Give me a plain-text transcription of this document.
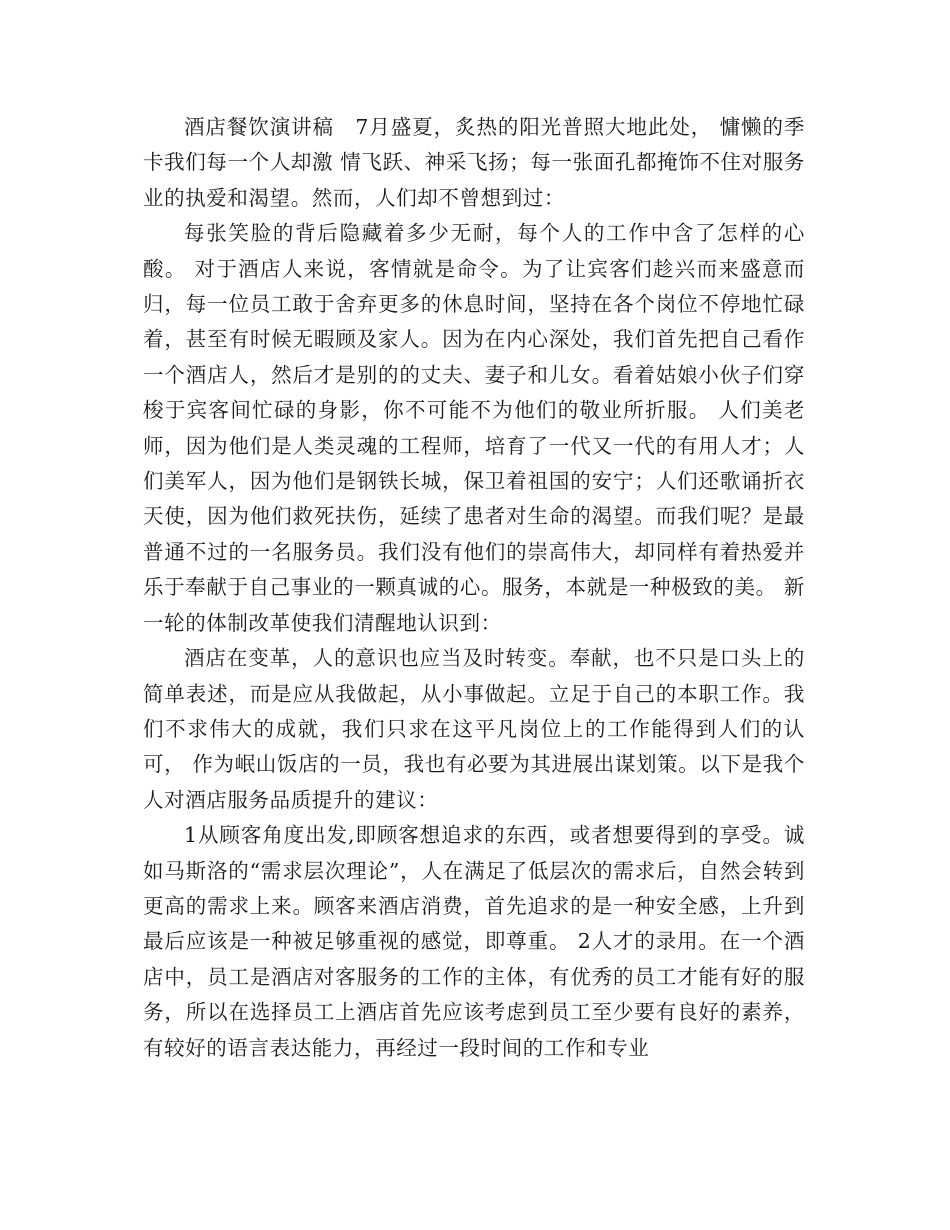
酒店餐饮演讲稿　7月盛夏，炙热的阳光普照大地此处， 慵懒的季卡我们每一个人却激 情飞跃、神采飞扬；每一张面孔都掩饰不住对服务业的执爱和渴望。然而，人们却不曾想到过：

每张笑脸的背后隐藏着多少无耐，每个人的工作中含了怎样的心酸。 对于酒店人来说，客情就是命令。为了让宾客们趁兴而来盛意而归，每一位员工敢于舍弃更多的休息时间，坚持在各个岗位不停地忙碌着，甚至有时候无暇顾及家人。因为在内心深处，我们首先把自己看作一个酒店人，然后才是别的的丈夫、妻子和儿女。看着姑娘小伙子们穿梭于宾客间忙碌的身影，你不可能不为他们的敬业所折服。 人们美老师，因为他们是人类灵魂的工程师，培育了一代又一代的有用人才；人们美军人，因为他们是钢铁长城，保卫着祖国的安宁；人们还歌诵折衣天使，因为他们救死扶伤，延续了患者对生命的渴望。而我们呢？是最普通不过的一名服务员。我们没有他们的崇高伟大，却同样有着热爱并乐于奉献于自己事业的一颗真诚的心。服务，本就是一种极致的美。 新一轮的体制改革使我们清醒地认识到：

酒店在变革，人的意识也应当及时转变。奉献，也不只是口头上的简单表述，而是应从我做起，从小事做起。立足于自己的本职工作。我们不求伟大的成就，我们只求在这平凡岗位上的工作能得到人们的认可， 作为岷山饭店的一员，我也有必要为其进展出谋划策。以下是我个人对酒店服务品质提升的建议：

1从顾客角度出发,即顾客想追求的东西，或者想要得到的享受。诚如马斯洛的“需求层次理论”，人在满足了低层次的需求后，自然会转到更高的需求上来。顾客来酒店消费，首先追求的是一种安全感，上升到最后应该是一种被足够重视的感觉，即尊重。 2人才的录用。在一个酒店中，员工是酒店对客服务的工作的主体，有优秀的员工才能有好的服务，所以在选择员工上酒店首先应该考虑到员工至少要有良好的素养，有较好的语言表达能力，再经过一段时间的工作和专业
